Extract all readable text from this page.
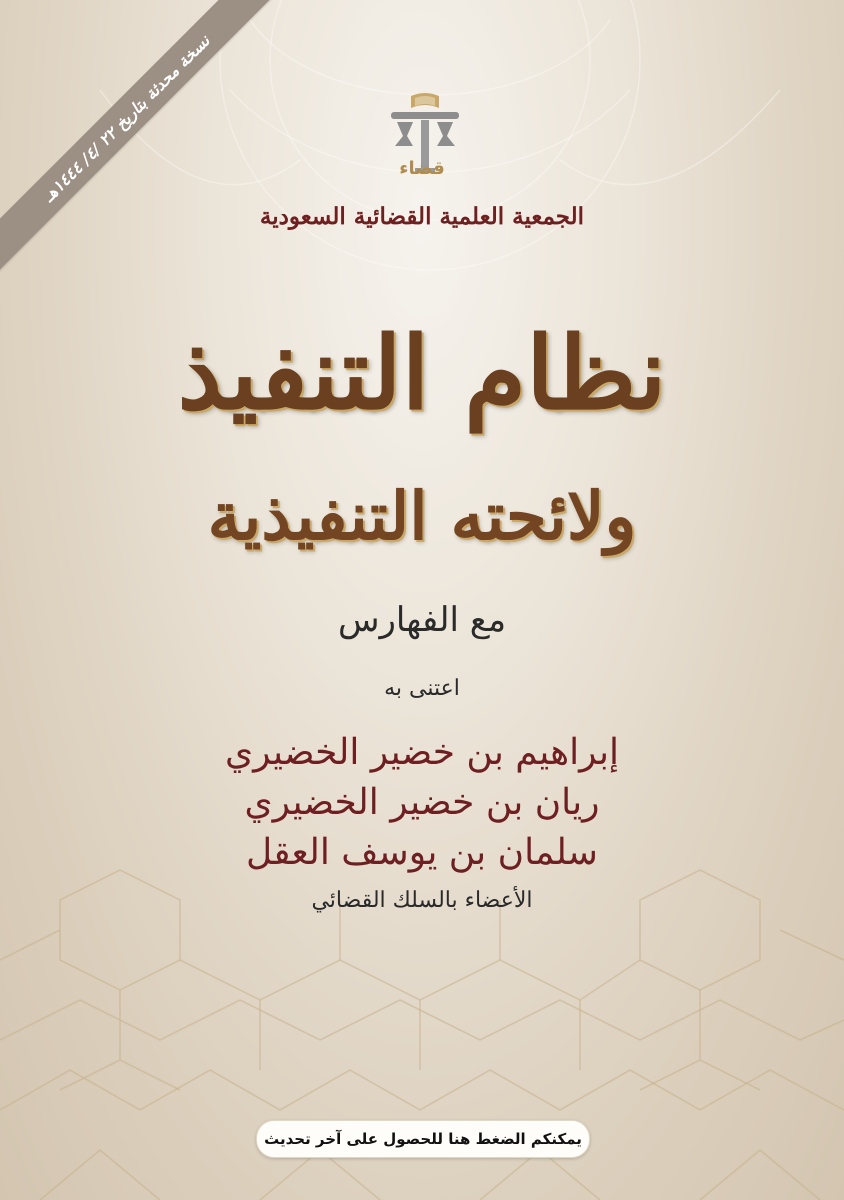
نسخة محدثة بتاريخ ٢٢ /٤/ ١٤٤٤هـ
قضاء
الجمعية العلمية القضائية السعودية
نظام التنفيذ
ولائحته التنفيذية
مع الفهارس
اعتنى به
إبراهيم بن خضير الخضيري
ريان بن خضير الخضيري
سلمان بن يوسف العقل
الأعضاء بالسلك القضائي
يمكنكم الضغط هنا للحصول على آخر تحديث
